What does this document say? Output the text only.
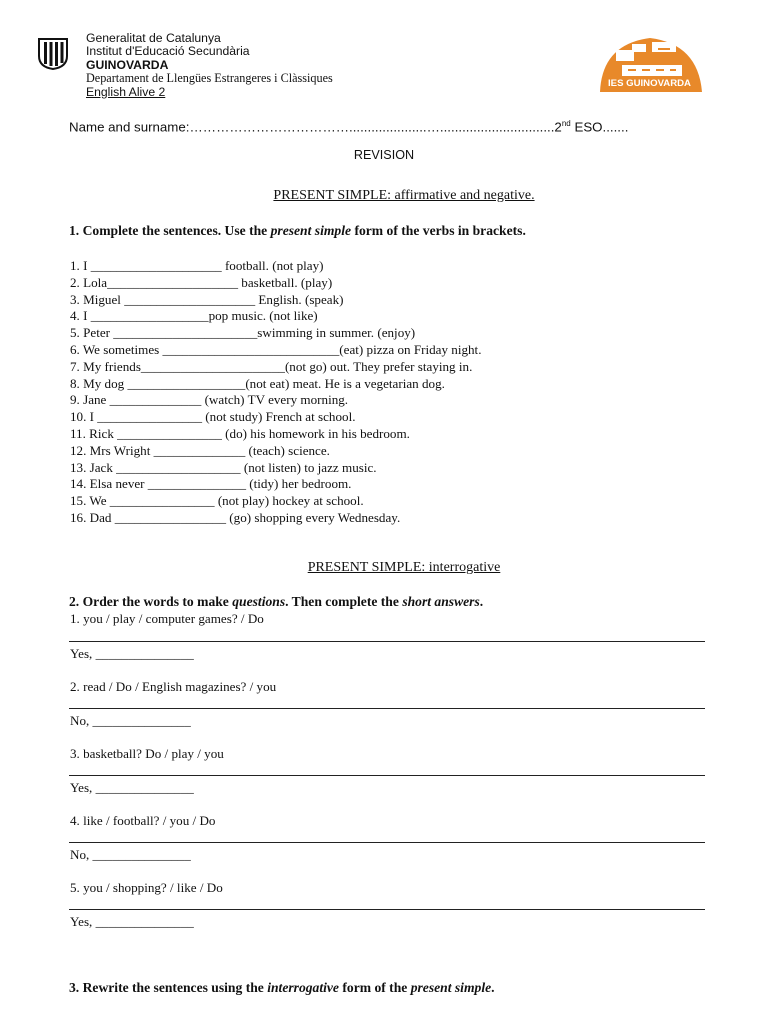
Generalitat de Catalunya
Institut d'Educació Secundària
GUINOVARDA
Departament de Llengües Estrangeres i Clàssiques
English Alive 2
IES GUINOVARDA
Name and surname:……………………………….....................…...............................2nd ESO.......
REVISION
PRESENT SIMPLE: affirmative and negative.
1. Complete the sentences. Use the present simple form of the verbs in brackets.
1. I ____________________ football. (not play)
2. Lola____________________ basketball. (play)
3. Miguel ____________________ English. (speak)
4. I __________________pop music. (not like)
5. Peter ______________________swimming in summer. (enjoy)
6. We sometimes ___________________________(eat) pizza on Friday night.
7. My friends______________________(not go) out. They prefer staying in.
8. My dog __________________(not eat) meat. He is a vegetarian dog.
9. Jane ______________ (watch) TV every morning.
10. I ________________ (not study) French at school.
11. Rick ________________ (do) his homework in his bedroom.
12. Mrs Wright ______________ (teach) science.
13. Jack ___________________ (not listen) to jazz music.
14. Elsa never _______________ (tidy) her bedroom.
15. We ________________ (not play) hockey at school.
16. Dad _________________ (go) shopping every Wednesday.
PRESENT SIMPLE: interrogative
2. Order the words to make questions. Then complete the short answers.
1. you / play / computer games? / Do
Yes, _______________
2. read / Do / English magazines? / you
No, _______________
3. basketball? Do / play / you
Yes, _______________
4. like / football? / you / Do
No, _______________
5. you / shopping? / like / Do
Yes, _______________
3. Rewrite the sentences using the interrogative form of the present simple.
